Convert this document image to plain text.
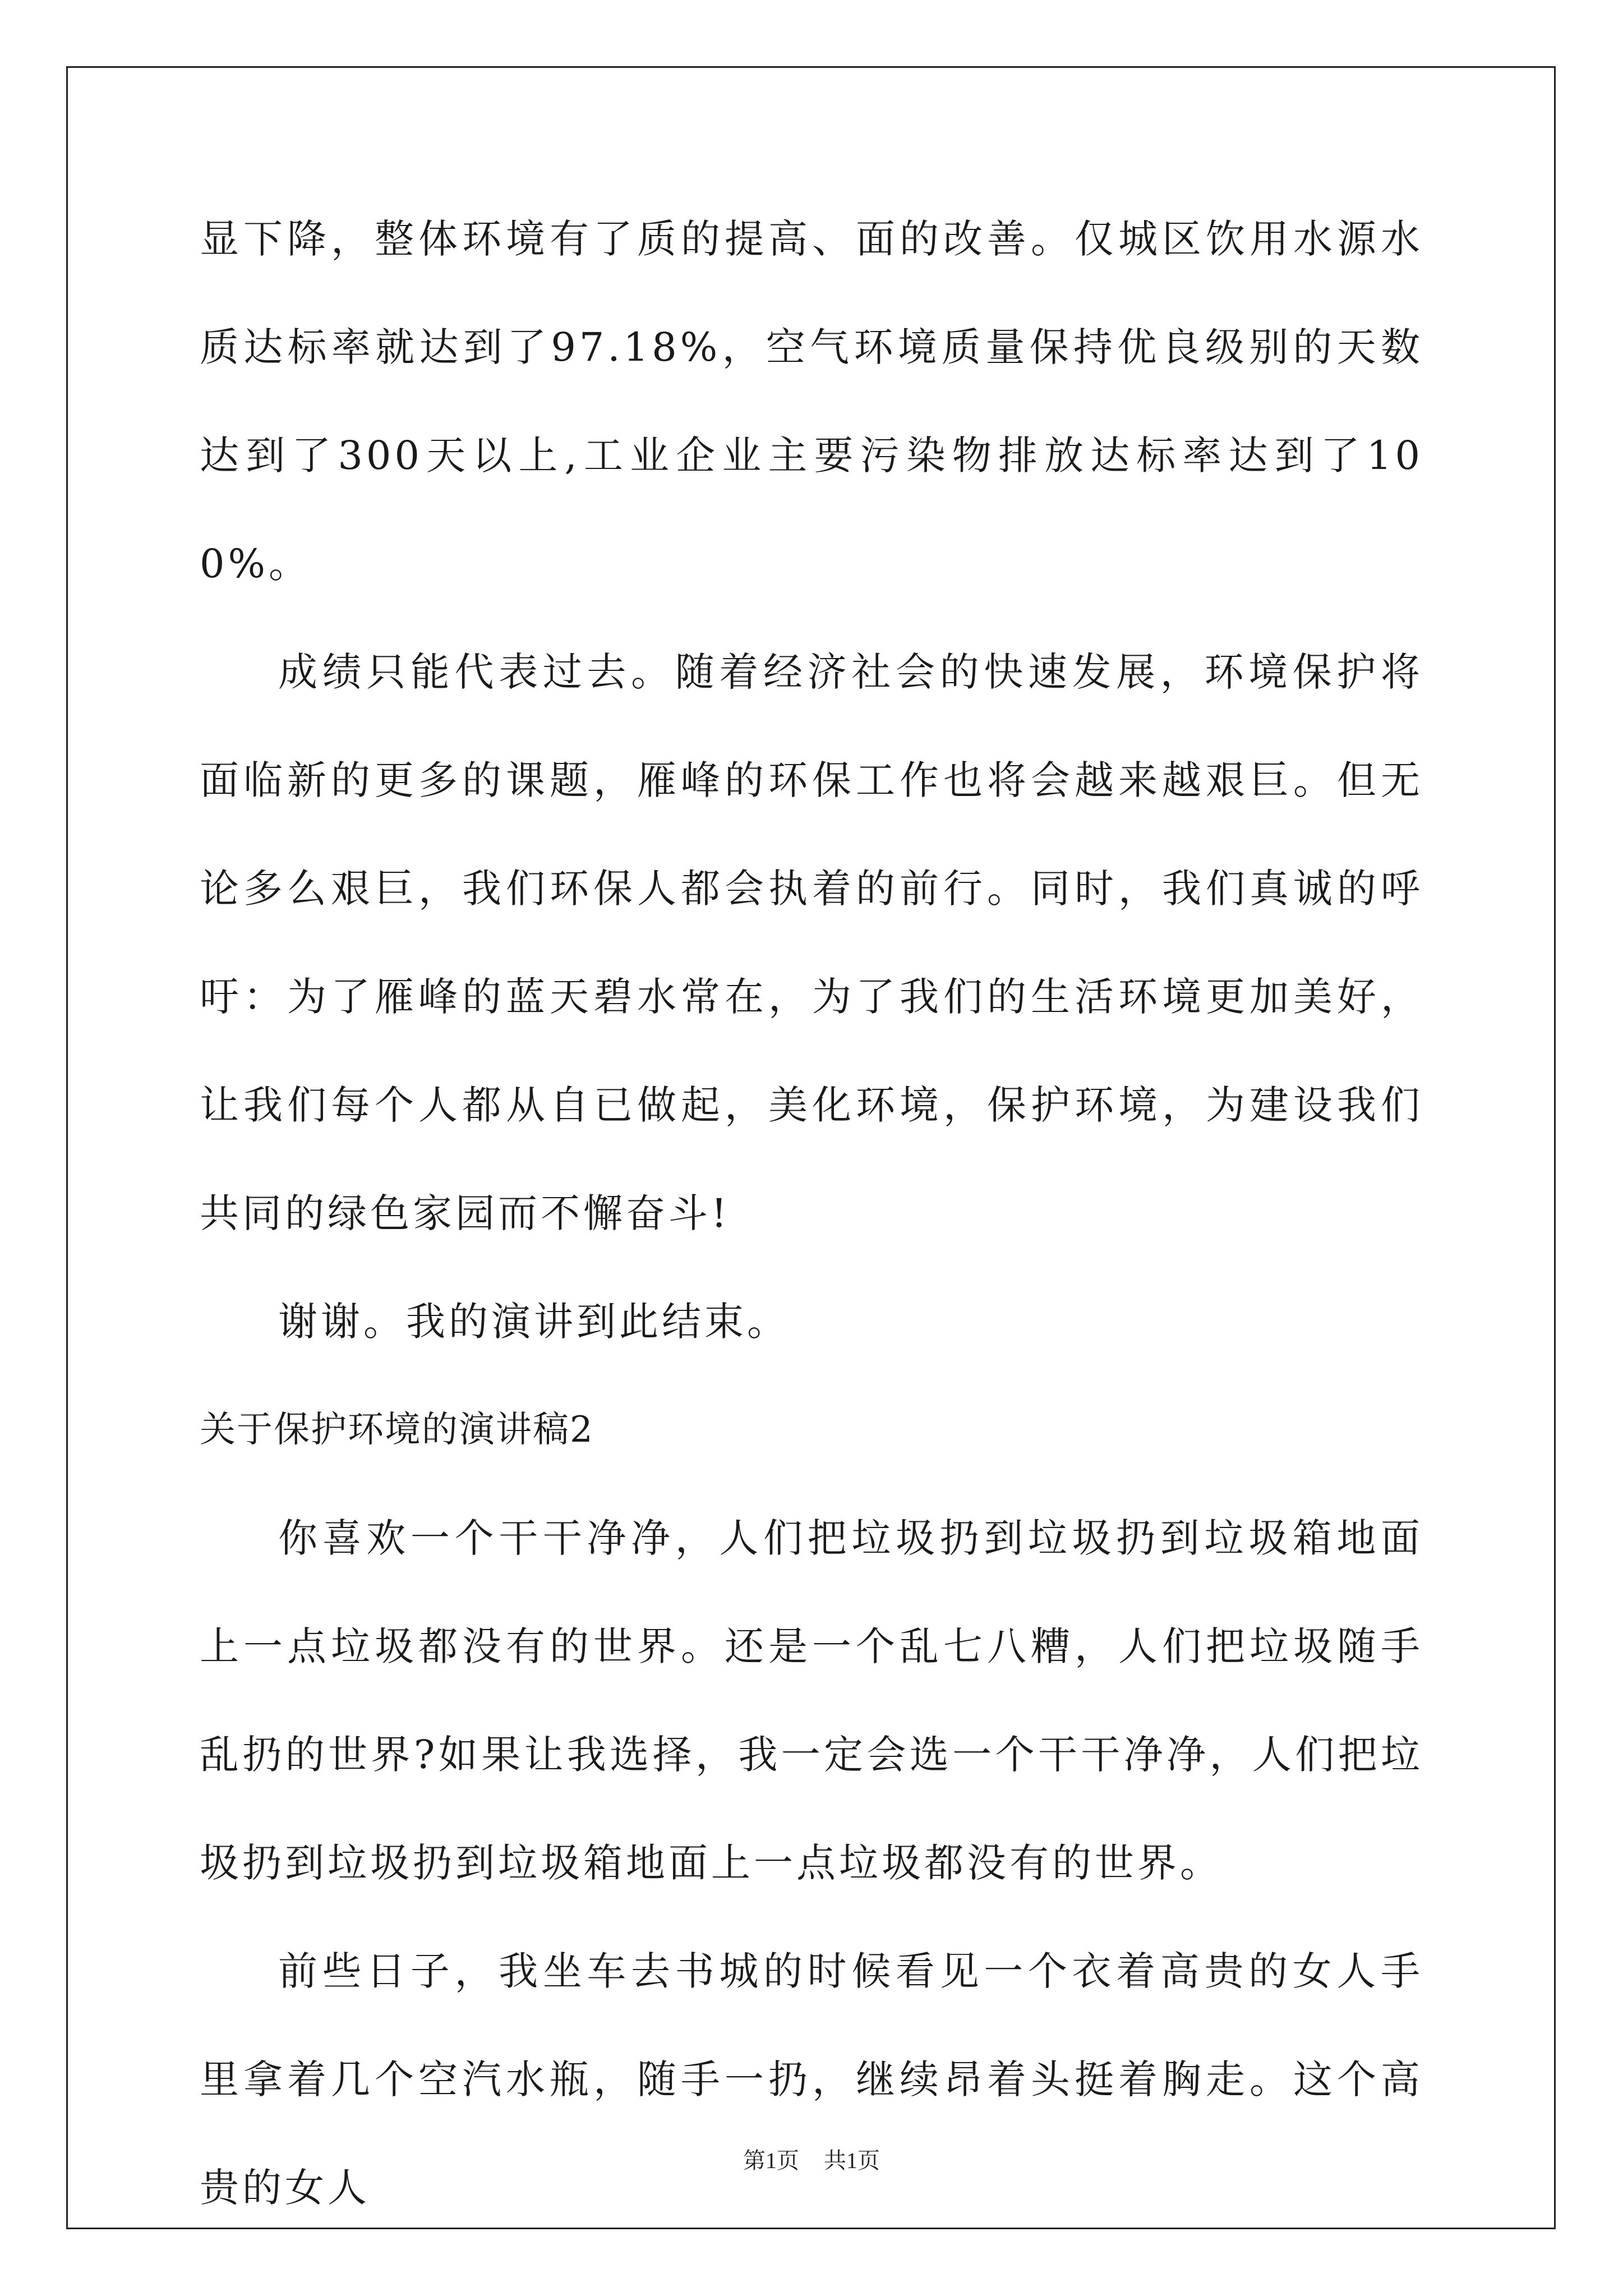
显下降，整体环境有了质的提高、面的改善。仅城区饮用水源水质达标率就达到了97.18%，空气环境质量保持优良级别的天数达到了300天以上,工业企业主要污染物排放达标率达到了100%。

成绩只能代表过去。随着经济社会的快速发展，环境保护将面临新的更多的课题，雁峰的环保工作也将会越来越艰巨。但无论多么艰巨，我们环保人都会执着的前行。同时，我们真诚的呼吁：为了雁峰的蓝天碧水常在，为了我们的生活环境更加美好，让我们每个人都从自已做起，美化环境，保护环境，为建设我们共同的绿色家园而不懈奋斗!

谢谢。我的演讲到此结束。

关于保护环境的演讲稿2

你喜欢一个干干净净，人们把垃圾扔到垃圾扔到垃圾箱地面上一点垃圾都没有的世界。还是一个乱七八糟，人们把垃圾随手乱扔的世界?如果让我选择，我一定会选一个干干净净，人们把垃圾扔到垃圾扔到垃圾箱地面上一点垃圾都没有的世界。

前些日子，我坐车去书城的时候看见一个衣着高贵的女人手里拿着几个空汽水瓶，随手一扔，继续昂着头挺着胸走。这个高贵的女人

第1页 共1页
